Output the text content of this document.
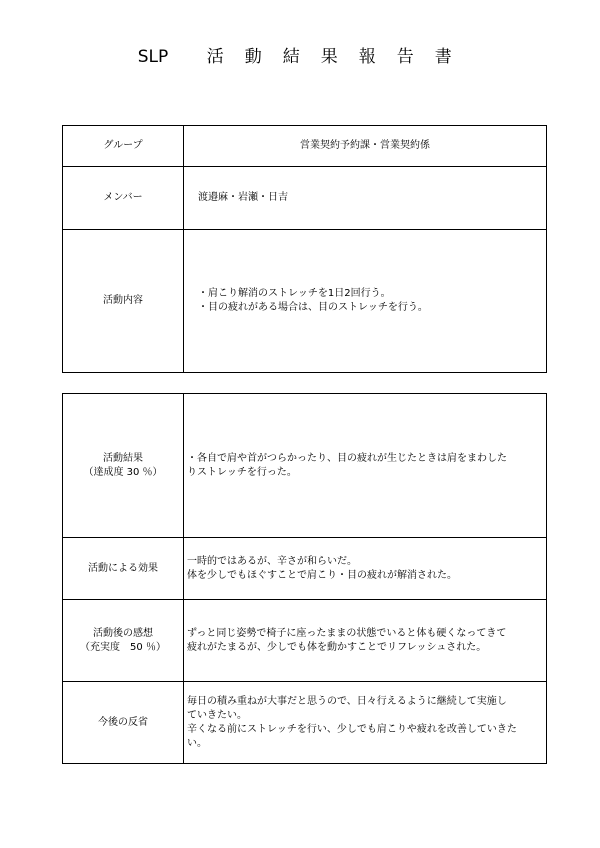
SLP 活 動 結 果 報 告 書
グループ	営業契約予約課・営業契約係
メンバー	渡邉麻・岩瀬・日吉
活動内容	・肩こり解消のストレッチを1日2回行う。
・目の疲れがある場合は、目のストレッチを行う。
活動結果
（達成度 30 ％）	・各自で肩や首がつらかったり、目の疲れが生じたときは肩をまわした
りストレッチを行った。

活動による効果	一時的ではあるが、辛さが和らいだ。
体を少しでもほぐすことで肩こり・目の疲れが解消された。

活動後の感想
（充実度　50 ％）	ずっと同じ姿勢で椅子に座ったままの状態でいると体も硬くなってきて
疲れがたまるが、少しでも体を動かすことでリフレッシュされた。

今後の反省	毎日の積み重ねが大事だと思うので、日々行えるように継続して実施し
ていきたい。
辛くなる前にストレッチを行い、少しでも肩こりや疲れを改善していきた
い。
